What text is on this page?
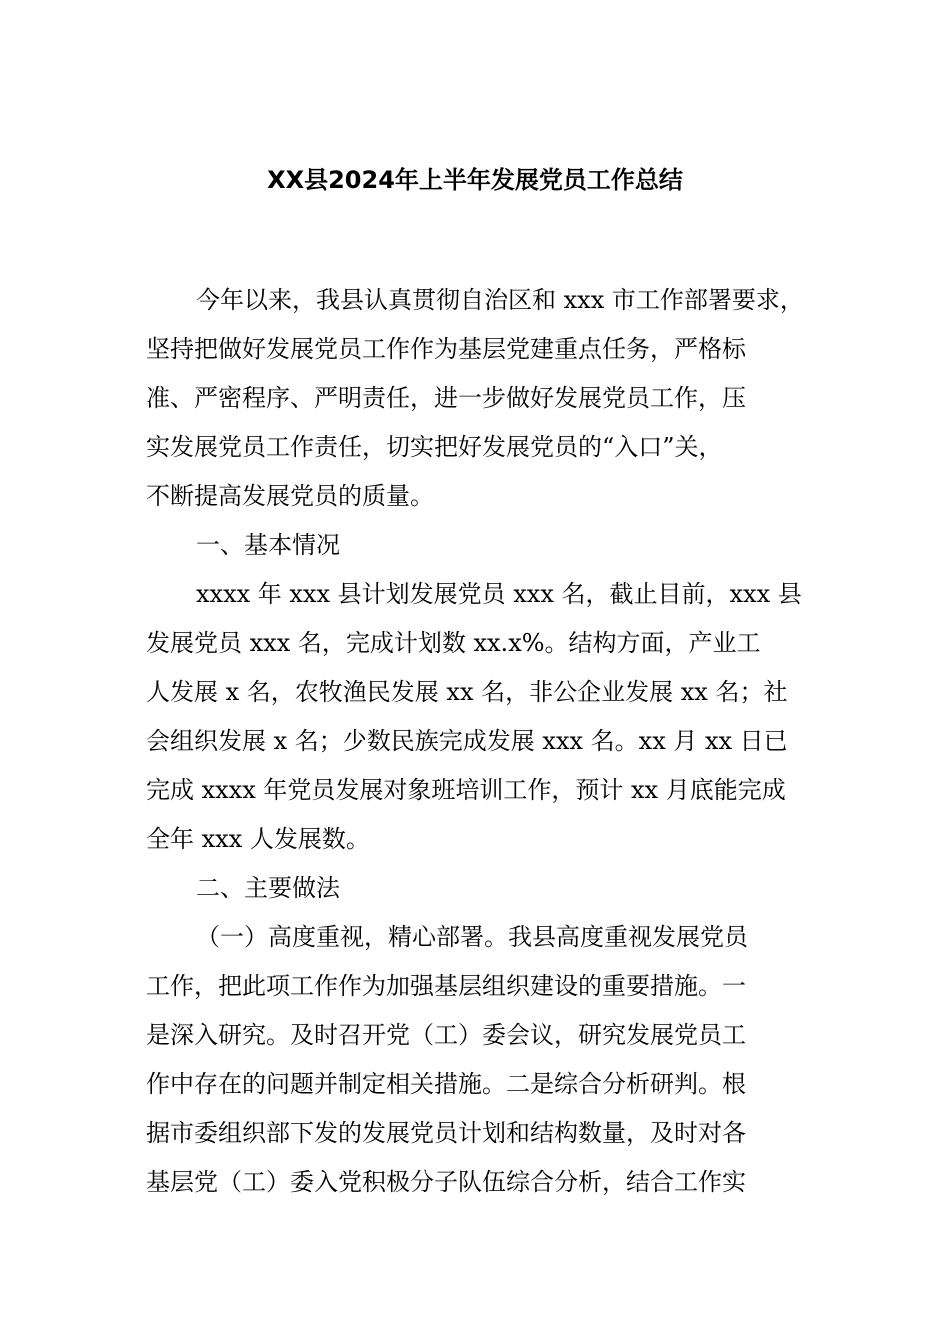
XX县2024年上半年发展党员工作总结
今年以来，我县认真贯彻自治区和 xxx 市工作部署要求，
坚持把做好发展党员工作作为基层党建重点任务，严格标
准、严密程序、严明责任，进一步做好发展党员工作，压
实发展党员工作责任，切实把好发展党员的“入口”关，
不断提高发展党员的质量。
一、基本情况
xxxx 年 xxx 县计划发展党员 xxx 名，截止目前，xxx 县
发展党员 xxx 名，完成计划数 xx.x%。结构方面，产业工
人发展 x 名，农牧渔民发展 xx 名，非公企业发展 xx 名；社
会组织发展 x 名；少数民族完成发展 xxx 名。xx 月 xx 日已
完成 xxxx 年党员发展对象班培训工作，预计 xx 月底能完成
全年 xxx 人发展数。
二、主要做法
（一）高度重视，精心部署。我县高度重视发展党员
工作，把此项工作作为加强基层组织建设的重要措施。一
是深入研究。及时召开党（工）委会议，研究发展党员工
作中存在的问题并制定相关措施。二是综合分析研判。根
据市委组织部下发的发展党员计划和结构数量，及时对各
基层党（工）委入党积极分子队伍综合分析，结合工作实
